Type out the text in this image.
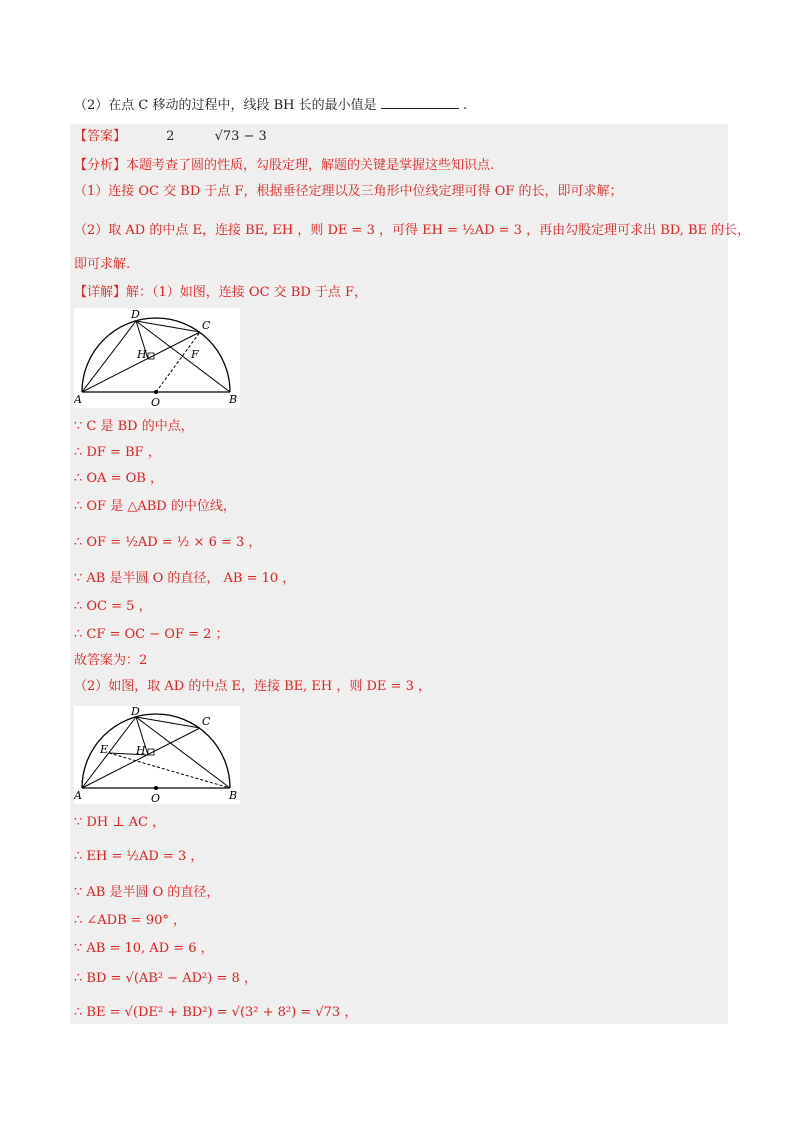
（2）在点 C 移动的过程中，线段 BH 长的最小值是	.
【答案】	2	√73 − 3
【分析】本题考查了圆的性质，勾股定理，解题的关键是掌握这些知识点.
（1）连接 OC 交 BD 于点 F，根据垂径定理以及三角形中位线定理可得 OF 的长，即可求解；
（2）取 AD 的中点 E，连接 BE, EH ，则 DE = 3 ，可得 EH = ½AD = 3 ，再由勾股定理可求出 BD, BE 的长，
即可求解.
【详解】解：（1）如图，连接 OC 交 BD 于点 F，
D
C
H	F
A	B
O
∵ C 是 BD 的中点，
∴ DF = BF ，
∴ OA = OB ，
∴ OF 是 △ABD 的中位线，
∴ OF = ½AD = ½ × 6 = 3 ，
∵ AB 是半圆 O 的直径， AB = 10 ，
∴ OC = 5 ，
∴ CF = OC − OF = 2 ；
故答案为：2
（2）如图，取 AD 的中点 E，连接 BE, EH ，则 DE = 3 ，
D
C
H
E
A	B
O
∵ DH ⊥ AC ，
∴ EH = ½AD = 3 ，
∵ AB 是半圆 O 的直径，
∴ ∠ADB = 90° ，
∵ AB = 10, AD = 6 ，
∴ BD = √(AB² − AD²) = 8 ，
∴ BE = √(DE² + BD²) = √(3² + 8²) = √73 ，
